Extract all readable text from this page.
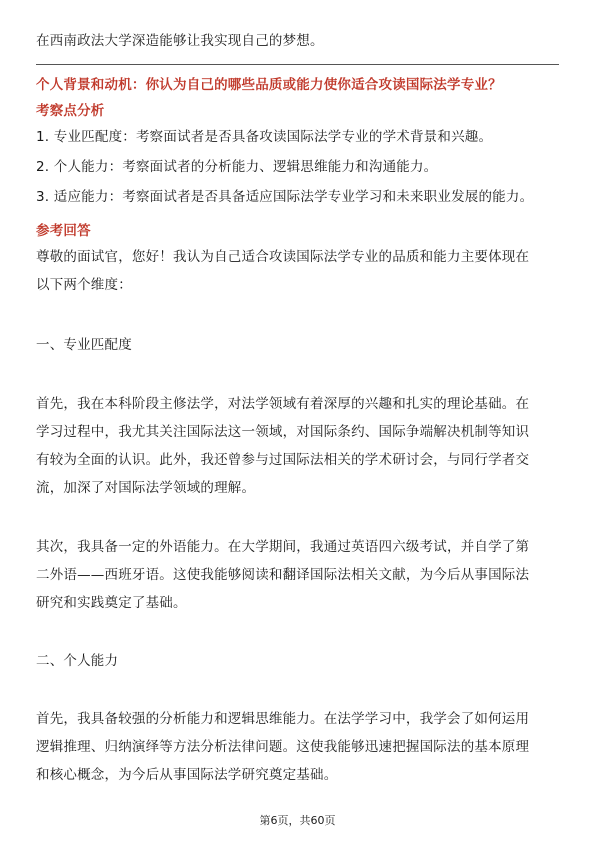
在西南政法大学深造能够让我实现自己的梦想。

个人背景和动机：你认为自己的哪些品质或能力使你适合攻读国际法学专业？

考察点分析

1. 专业匹配度：考察面试者是否具备攻读国际法学专业的学术背景和兴趣。

2. 个人能力：考察面试者的分析能力、逻辑思维能力和沟通能力。

3. 适应能力：考察面试者是否具备适应国际法学专业学习和未来职业发展的能力。

参考回答

尊敬的面试官，您好！我认为自己适合攻读国际法学专业的品质和能力主要体现在

以下两个维度：

一、专业匹配度

首先，我在本科阶段主修法学，对法学领域有着深厚的兴趣和扎实的理论基础。在

学习过程中，我尤其关注国际法这一领域，对国际条约、国际争端解决机制等知识

有较为全面的认识。此外，我还曾参与过国际法相关的学术研讨会，与同行学者交

流，加深了对国际法学领域的理解。

其次，我具备一定的外语能力。在大学期间，我通过英语四六级考试，并自学了第

二外语——西班牙语。这使我能够阅读和翻译国际法相关文献，为今后从事国际法

研究和实践奠定了基础。

二、个人能力

首先，我具备较强的分析能力和逻辑思维能力。在法学学习中，我学会了如何运用

逻辑推理、归纳演绎等方法分析法律问题。这使我能够迅速把握国际法的基本原理

和核心概念，为今后从事国际法学研究奠定基础。

第6页，共60页
